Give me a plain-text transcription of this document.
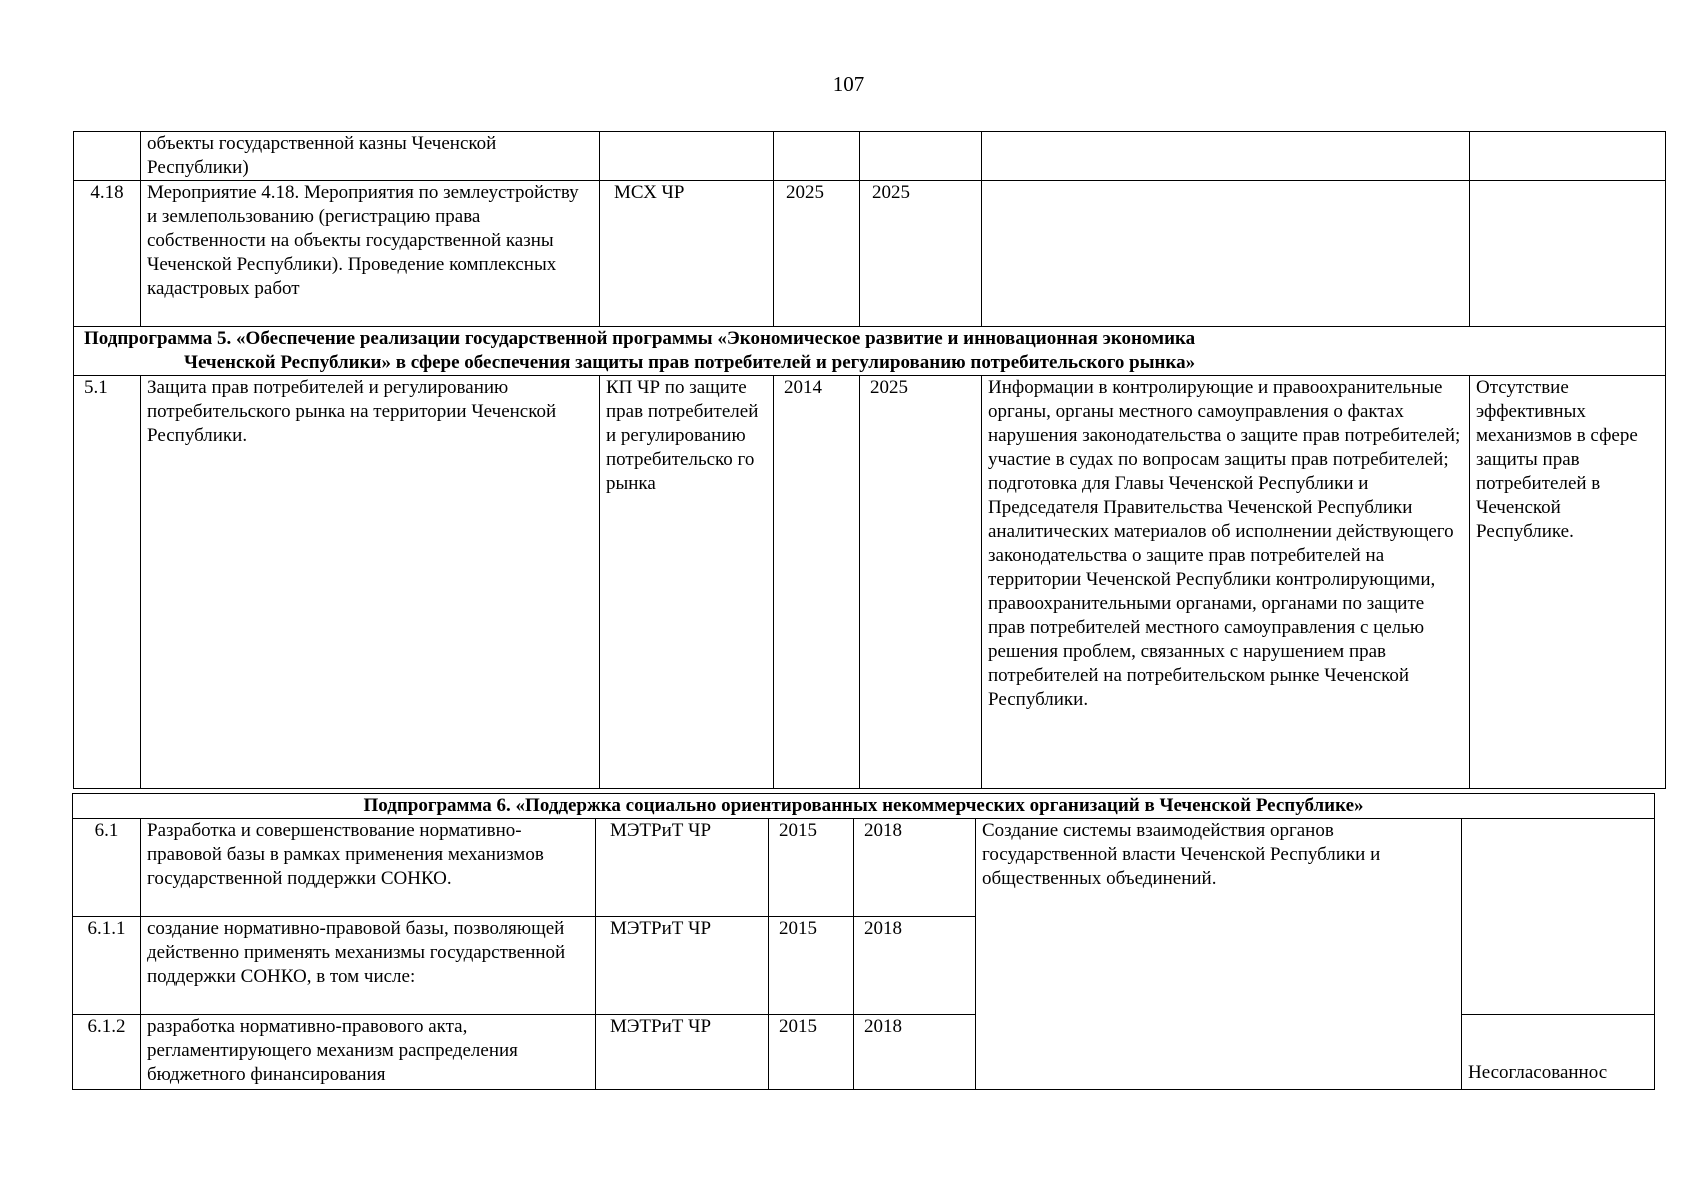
107
	объекты государственной казны Чеченской Республики)					
4.18	Мероприятие 4.18. Мероприятия по землеустройству и землепользованию (регистрацию права собственности на объекты государственной казны Чеченской Республики). Проведение комплексных кадастровых работ	МСХ ЧР	2025	2025		
Подпрограмма 5. «Обеспечение реализации государственной программы «Экономическое развитие и инновационная экономика
Чеченской Республики» в сфере обеспечения защиты прав потребителей и регулированию потребительского рынка»						

5.1	Защита прав потребителей и регулированию потребительского рынка на территории Чеченской Республики.	КП ЧР по защите прав потребителей и регулированию потребительско го рынка	2014	2025	Информации в контролирующие и правоохранительные органы, органы местного самоуправления о фактах нарушения законодательства о защите прав потребителей;
участие в судах по вопросам защиты прав потребителей;
подготовка для Главы Чеченской Республики и Председателя Правительства Чеченской Республики аналитических материалов об исполнении действующего законодательства о защите прав потребителей на территории Чеченской Республики контролирующими, правоохранительными органами, органами по защите прав потребителей местного самоуправления с целью решения проблем, связанных с нарушением прав потребителей на потребительском рынке Чеченской Республики.	Отсутствие эффективных механизмов в сфере защиты прав потребителей в Чеченской Республике.
Подпрограмма 6. «Поддержка социально ориентированных некоммерческих организаций в Чеченской Республике»						
6.1	Разработка и совершенствование нормативно-правовой базы в рамках применения механизмов государственной поддержки СОНКО.	МЭТРиТ ЧР	2015	2018	Создание системы взаимодействия органов государственной власти Чеченской Республики и общественных объединений.	
6.1.1	создание нормативно-правовой базы, позволяющей действенно применять механизмы государственной поддержки СОНКО, в том числе:	МЭТРиТ ЧР	2015	2018		
6.1.2	разработка нормативно-правового акта, регламентирующего механизм распределения бюджетного финансирования	МЭТРиТ ЧР	2015	2018		Несогласованнос
